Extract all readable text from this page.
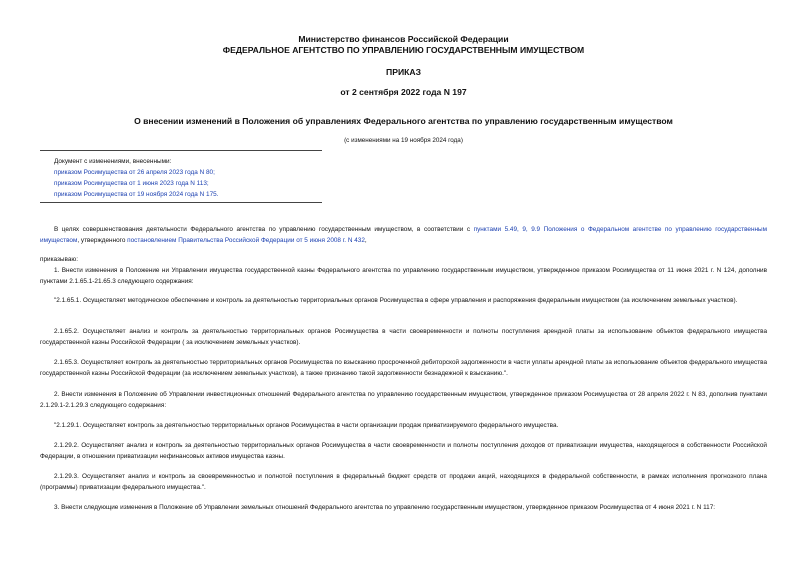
Министерство финансов Российской Федерации
ФЕДЕРАЛЬНОЕ АГЕНТСТВО ПО УПРАВЛЕНИЮ ГОСУДАРСТВЕННЫМ ИМУЩЕСТВОМ
ПРИКАЗ
от 2 сентября 2022 года N 197
О внесении изменений в Положения об управлениях Федерального агентства по управлению государственным имуществом
(с изменениями на 19 ноября 2024 года)
Документ с изменениями, внесенными:
приказом Росимущества от 26 апреля 2023 года N 80;
приказом Росимущества от 1 июня 2023 года N 113;
приказом Росимущества от 19 ноября 2024 года N 175.
В целях совершенствования деятельности Федерального агентства по управлению государственным имуществом, в соответствии с пунктами 5.49, 9, 9.9 Положения о Федеральном агентстве по управлению государственным имуществом, утвержденного постановлением Правительства Российской Федерации от 5 июня 2008 г. N 432,
приказываю:
1. Внести изменения в Положение ни Управлении имущества государственной казны Федерального агентства по управлению государственным имуществом, утвержденное приказом Росимущества от 11 июня 2021 г. N 124, дополнив пунктами 2.1.65.1-21.65.3 следующего содержания:
"2.1.65.1. Осуществляет методическое обеспечение и контроль за деятельностью территориальных органов Росимущества в сфере управления и распоряжения федеральным имуществом (за исключением земельных участков).
2.1.65.2. Осуществляет анализ и контроль за деятельностью территориальных органов Росимущества в части своевременности и полноты поступления арендной платы за использование объектов федерального имущества государственной казны Российской Федерации ( за исключением земельных участков).
2.1.65.3. Осуществляет контроль за деятельностью территориальных органов Росимущества по взысканию просроченной дебиторской задолженности в части уплаты арендной платы за использование объектов федерального имущества государственной казны Российской Федерации (за исключением земельных участков), а также признанию такой задолженности безнадежной к взысканию.".
2. Внести изменения в Положение об Управлении инвестиционных отношений Федерального агентства по управлению государственным имуществом, утвержденное приказом Росимущества от 28 апреля 2022 г. N 83, дополнив пунктами 2.1.29.1-2.1.29.3 следующего содержания:
"2.1.29.1. Осуществляет контроль за деятельностью территориальных органов Росимущества в части организации продаж приватизируемого федерального имущества.
2.1.29.2. Осуществляет анализ и контроль за деятельностью территориальных органов Росимущества в части своевременности и полноты поступления доходов от приватизации имущества, находящегося в собственности Российской Федерации, в отношении приватизации нефинансовых активов имущества казны.
2.1.29.3. Осуществляет анализ и контроль за своевременностью и полнотой поступления в федеральный бюджет средств от продажи акций, находящихся в федеральной собственности, в рамках исполнения прогнозного плана (программы) приватизации федерального имущества.".
3. Внести следующие изменения в Положение об Управлении земельных отношений Федерального агентства по управлению государственным имуществом, утвержденное приказом Росимущества от 4 июня 2021 г. N 117:
